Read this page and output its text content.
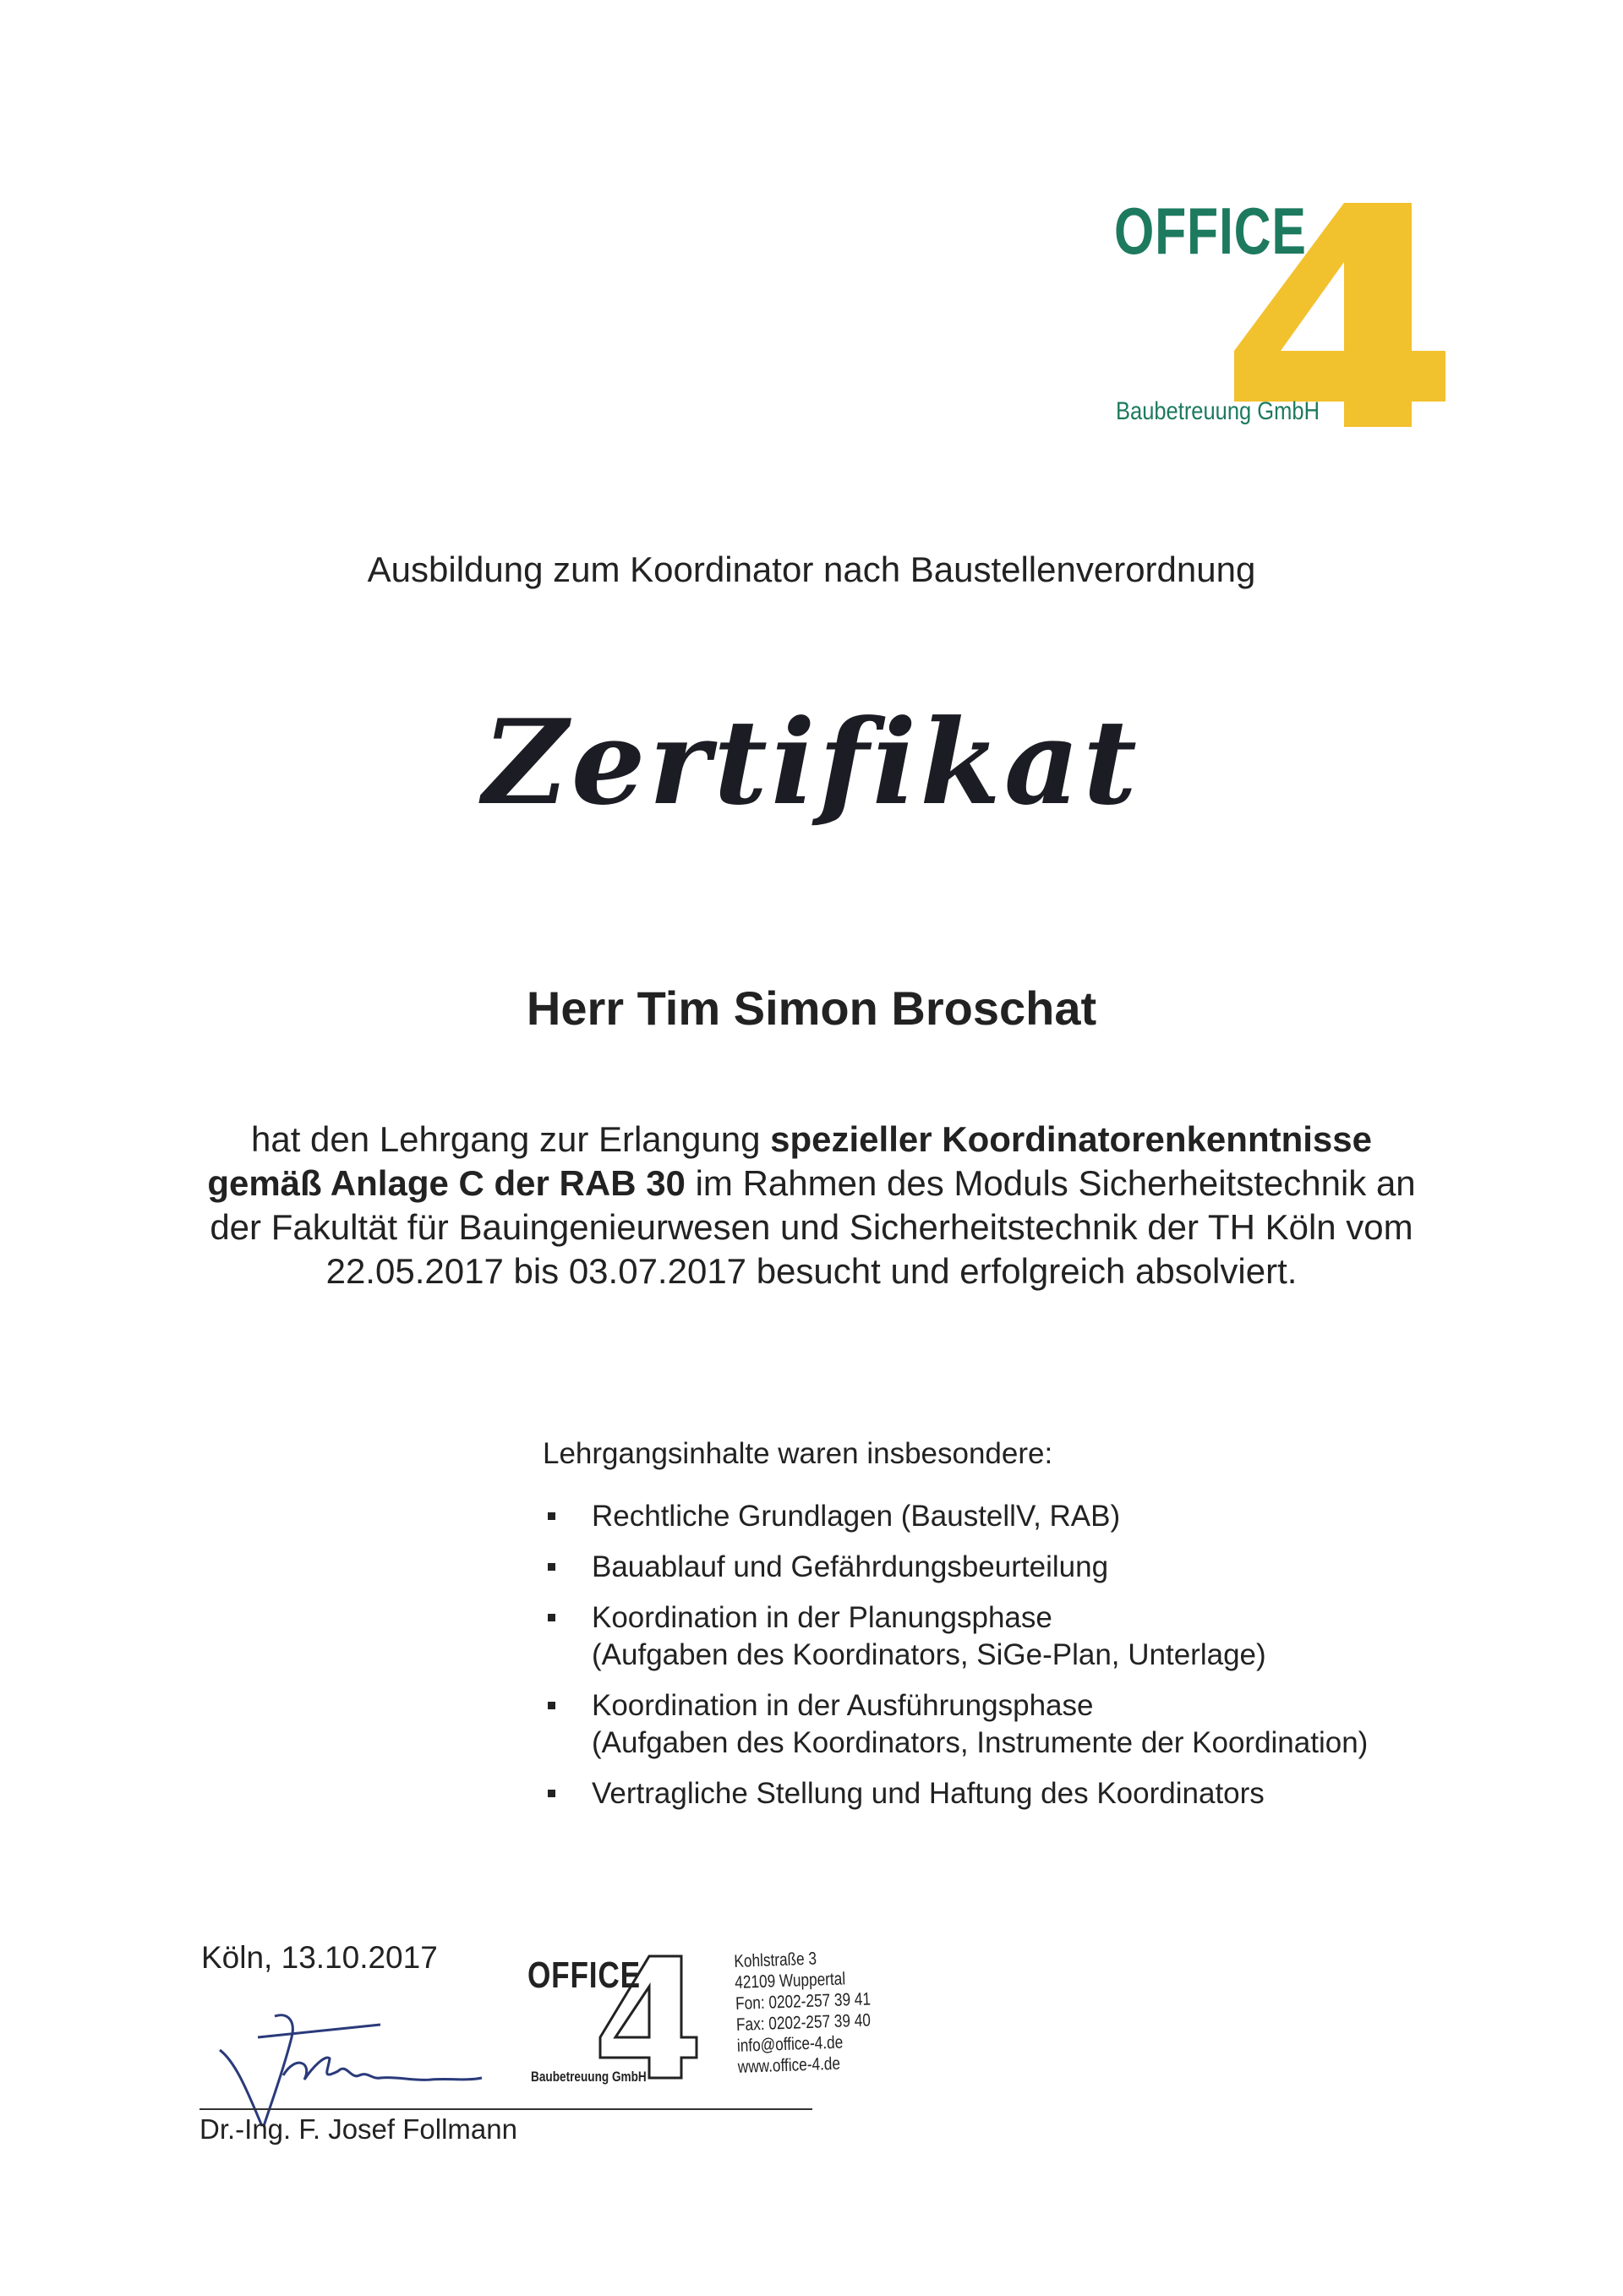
OFFICE
Baubetreuung GmbH
Ausbildung zum Koordinator nach Baustellenverordnung
Zertifikat
Herr Tim Simon Broschat
hat den Lehrgang zur Erlangung spezieller Koordinatorenkenntnisse gemäß Anlage C der RAB 30 im Rahmen des Moduls Sicherheitstechnik an der Fakultät für Bauingenieurwesen und Sicherheitstechnik der TH Köln vom 22.05.2017 bis 03.07.2017 besucht und erfolgreich absolviert.
Lehrgangsinhalte waren insbesondere:
Rechtliche Grundlagen (BaustellV, RAB)
Bauablauf und Gefährdungsbeurteilung
Koordination in der Planungsphase
(Aufgaben des Koordinators, SiGe-Plan, Unterlage)
Koordination in der Ausführungsphase
(Aufgaben des Koordinators, Instrumente der Koordination)
Vertragliche Stellung und Haftung des Koordinators
Köln, 13.10.2017 OFFICE
Baubetreuung GmbH
Kohlstraße 3
42109 Wuppertal
Fon: 0202-257 39 41
Fax: 0202-257 39 40
info@office-4.de
www.office-4.de
Dr.-Ing. F. Josef Follmann
